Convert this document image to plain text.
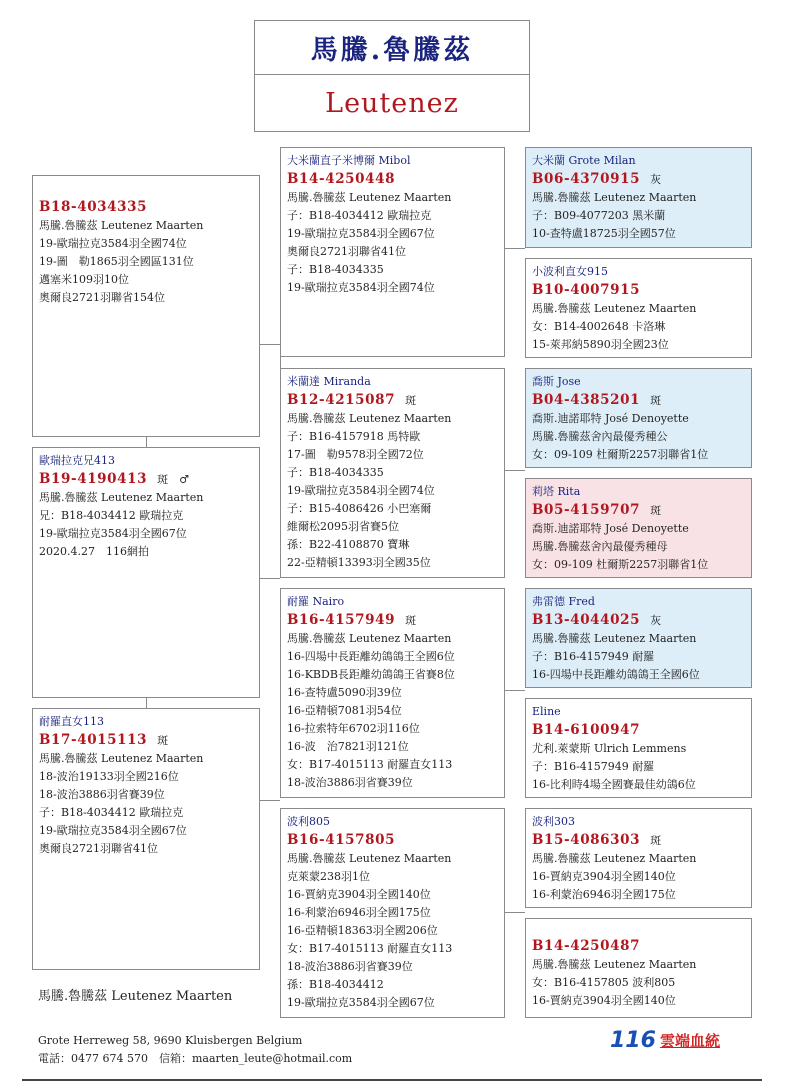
馬騰.魯騰茲
Leutenez
B18-4034335
馬騰.魯騰茲 Leutenez Maarten
19-歐瑞拉克3584羽全國74位
19-圖　勒1865羽全國區131位
邁塞米109羽10位
奧爾良2721羽聯省154位
歐瑞拉克兄413
B19-4190413 斑　♂
馬騰.魯騰茲 Leutenez Maarten
兄：B18-4034412 歐瑞拉克
19-歐瑞拉克3584羽全國67位
2020.4.27　116網拍
耐羅直女113
B17-4015113 斑
馬騰.魯騰茲 Leutenez Maarten
18-波治19133羽全國216位
18-波治3886羽省賽39位
子：B18-4034412 歐瑞拉克
19-歐瑞拉克3584羽全國67位
奧爾良2721羽聯省41位
大米蘭直子米博爾 Mibol
B14-4250448
馬騰.魯騰茲 Leutenez Maarten
子：B18-4034412 歐瑞拉克
19-歐瑞拉克3584羽全國67位
奧爾良2721羽聯省41位
子：B18-4034335
19-歐瑞拉克3584羽全國74位
米蘭達 Miranda
B12-4215087 斑
馬騰.魯騰茲 Leutenez Maarten
子：B16-4157918 馬特歐
17-圖　勒9578羽全國72位
子：B18-4034335
19-歐瑞拉克3584羽全國74位
子：B15-4086426 小巴塞爾
維爾松2095羽省賽5位
孫：B22-4108870 寶琳
22-亞精頓13393羽全國35位
耐羅 Nairo
B16-4157949 斑
馬騰.魯騰茲 Leutenez Maarten
16-四場中長距離幼鴿鴿王全國6位
16-KBDB長距離幼鴿鴿王省賽8位
16-查特盧5090羽39位
16-亞精頓7081羽54位
16-拉索特年6702羽116位
16-波　治7821羽121位
女：B17-4015113 耐羅直女113
18-波治3886羽省賽39位
波利805
B16-4157805
馬騰.魯騰茲 Leutenez Maarten
克萊蒙238羽1位
16-賈納克3904羽全國140位
16-利蒙治6946羽全國175位
16-亞精頓18363羽全國206位
女：B17-4015113 耐羅直女113
18-波治3886羽省賽39位
孫：B18-4034412
19-歐瑞拉克3584羽全國67位
大米蘭 Grote Milan
B06-4370915 灰
馬騰.魯騰茲 Leutenez Maarten
子：B09-4077203 黑米蘭
10-查特盧18725羽全國57位
小波利直女915
B10-4007915
馬騰.魯騰茲 Leutenez Maarten
女：B14-4002648 卡洛琳
15-萊邦納5890羽全國23位
喬斯 Jose
B04-4385201 斑
喬斯.迪諾耶特 José Denoyette
馬騰.魯騰茲舍內最優秀種公
女：09-109 杜爾斯2257羽聯省1位
莉塔 Rita
B05-4159707 斑
喬斯.迪諾耶特 José Denoyette
馬騰.魯騰茲舍內最優秀種母
女：09-109 杜爾斯2257羽聯省1位
弗雷德 Fred
B13-4044025 灰
馬騰.魯騰茲 Leutenez Maarten
子：B16-4157949 耐羅
16-四場中長距離幼鴿鴿王全國6位
Eline
B14-6100947
尤利.萊蒙斯 Ulrich Lemmens
子：B16-4157949 耐羅
16-比利時4場全國賽最佳幼鴿6位
波利303
B15-4086303 斑
馬騰.魯騰茲 Leutenez Maarten
16-賈納克3904羽全國140位
16-利蒙治6946羽全國175位
B14-4250487
馬騰.魯騰茲 Leutenez Maarten
女：B16-4157805 波利805
16-賈納克3904羽全國140位
馬騰.魯騰茲 Leutenez Maarten
Grote Herreweg 58, 9690 Kluisbergen Belgium
電話：0477 674 570　信箱：maarten_leute@hotmail.com
116 雲端血統
